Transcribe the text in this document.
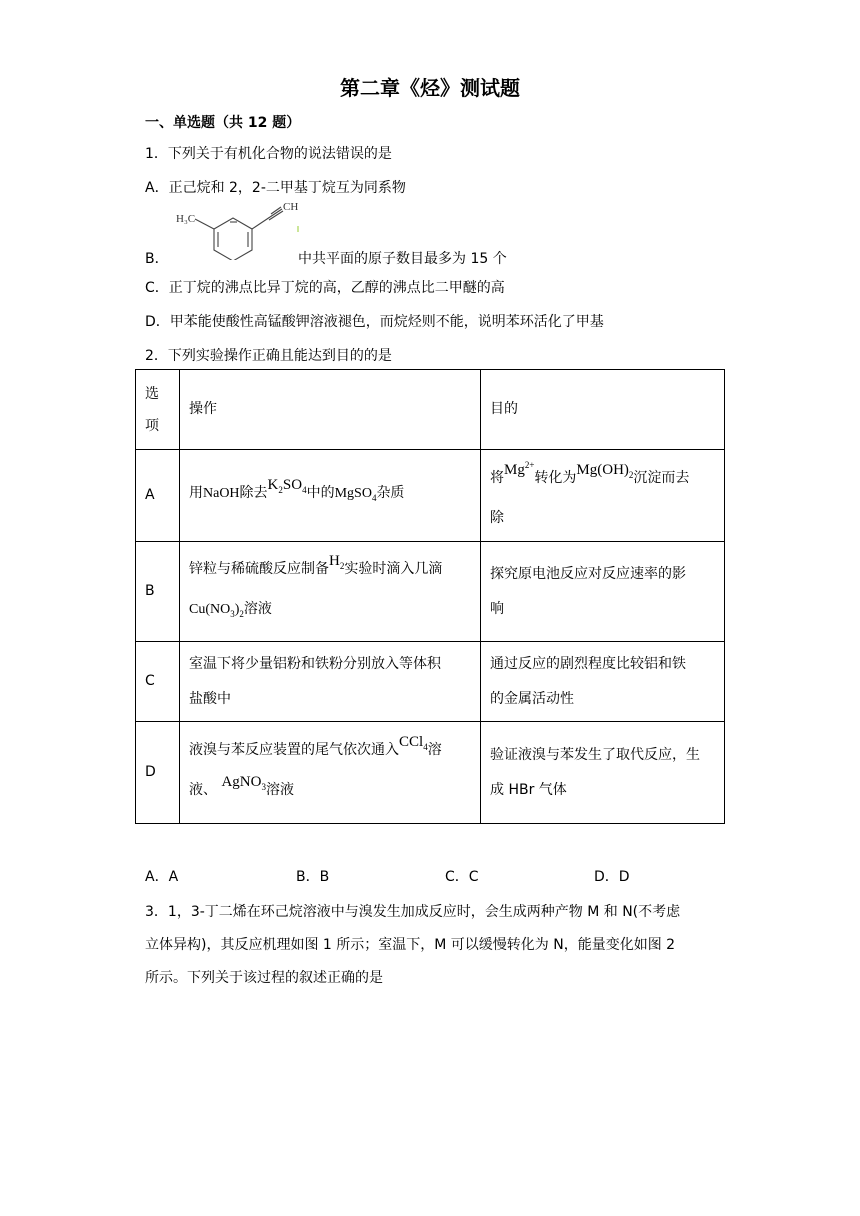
第二章《烃》测试题
一、单选题（共 12 题）
1．下列关于有机化合物的说法错误的是
A．正己烷和 2，2-二甲基丁烷互为同系物
H₃C
CH
B．	中共平面的原子数目最多为 15 个
C．正丁烷的沸点比异丁烷的高，乙醇的沸点比二甲醚的高
D．甲苯能使酸性高锰酸钾溶液褪色，而烷烃则不能，说明苯环活化了甲基
2．下列实验操作正确且能达到目的的是
选项	操作	目的
A	用NaOH除去$K_2SO_4$中的MgSO$_4$杂质	将$Mg^{2+}$转化为$Mg(OH)_2$沉淀而去
除
B	锌粒与稀硫酸反应制备$H_2$实验时滴入几滴
$Cu(NO_3)_2$溶液	探究原电池反应对反应速率的影
响
C	室温下将少量铝粉和铁粉分别放入等体积
盐酸中	通过反应的剧烈程度比较铝和铁
的金属活动性
D	液溴与苯反应装置的尾气依次通入CCl$_4$溶
液、 AgNO$_3$溶液	验证液溴与苯发生了取代反应，生
成 HBr 气体
A．A	B．B	C．C	D．D
3．1，3-丁二烯在环己烷溶液中与溴发生加成反应时，会生成两种产物 M 和 N(不考虑
立体异构)，其反应机理如图 1 所示；室温下，M 可以缓慢转化为 N，能量变化如图 2
所示。下列关于该过程的叙述正确的是
